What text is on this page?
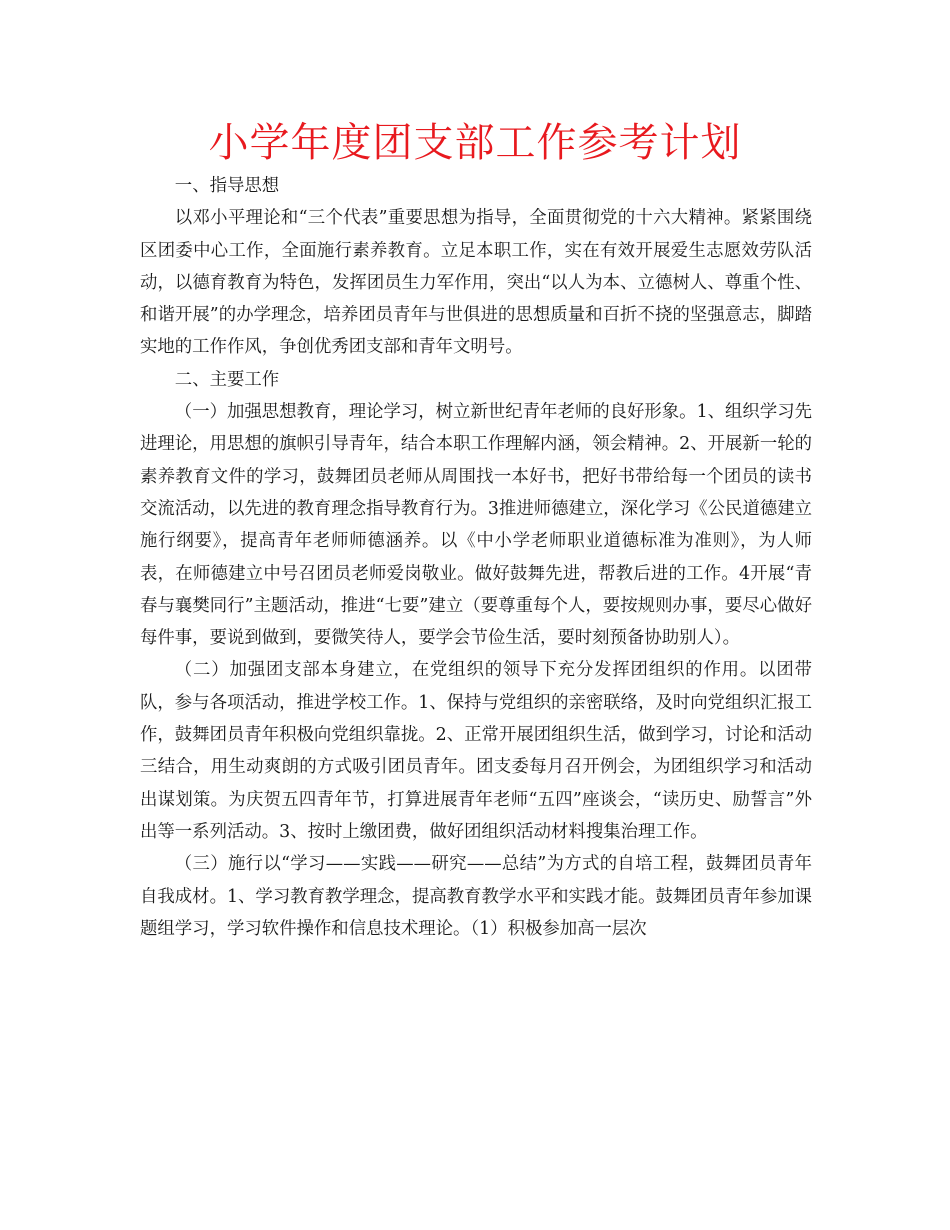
小学年度团支部工作参考计划

一、指导思想

以邓小平理论和“三个代表”重要思想为指导，全面贯彻党的十六大精神。紧紧围绕区团委中心工作，全面施行素养教育。立足本职工作，实在有效开展爱生志愿效劳队活动，以德育教育为特色，发挥团员生力军作用，突出“以人为本、立德树人、尊重个性、和谐开展”的办学理念，培养团员青年与世俱进的思想质量和百折不挠的坚强意志，脚踏实地的工作作风，争创优秀团支部和青年文明号。

二、主要工作

（一）加强思想教育，理论学习，树立新世纪青年老师的良好形象。1、组织学习先进理论，用思想的旗帜引导青年，结合本职工作理解内涵，领会精神。2、开展新一轮的素养教育文件的学习，鼓舞团员老师从周围找一本好书，把好书带给每一个团员的读书交流活动，以先进的教育理念指导教育行为。3推进师德建立，深化学习《公民道德建立施行纲要》，提高青年老师师德涵养。以《中小学老师职业道德标准为准则》，为人师表，在师德建立中号召团员老师爱岗敬业。做好鼓舞先进，帮教后进的工作。4开展“青春与襄樊同行”主题活动，推进“七要”建立（要尊重每个人，要按规则办事，要尽心做好每件事，要说到做到，要微笑待人，要学会节俭生活，要时刻预备协助别人）。

（二）加强团支部本身建立，在党组织的领导下充分发挥团组织的作用。以团带队，参与各项活动，推进学校工作。1、保持与党组织的亲密联络，及时向党组织汇报工作，鼓舞团员青年积极向党组织靠拢。2、正常开展团组织生活，做到学习，讨论和活动三结合，用生动爽朗的方式吸引团员青年。团支委每月召开例会，为团组织学习和活动出谋划策。为庆贺五四青年节，打算进展青年老师“五四”座谈会，“读历史、励誓言”外出等一系列活动。3、按时上缴团费，做好团组织活动材料搜集治理工作。

（三）施行以“学习——实践——研究——总结”为方式的自培工程，鼓舞团员青年自我成材。1、学习教育教学理念，提高教育教学水平和实践才能。鼓舞团员青年参加课题组学习，学习软件操作和信息技术理论。（1）积极参加高一层次
